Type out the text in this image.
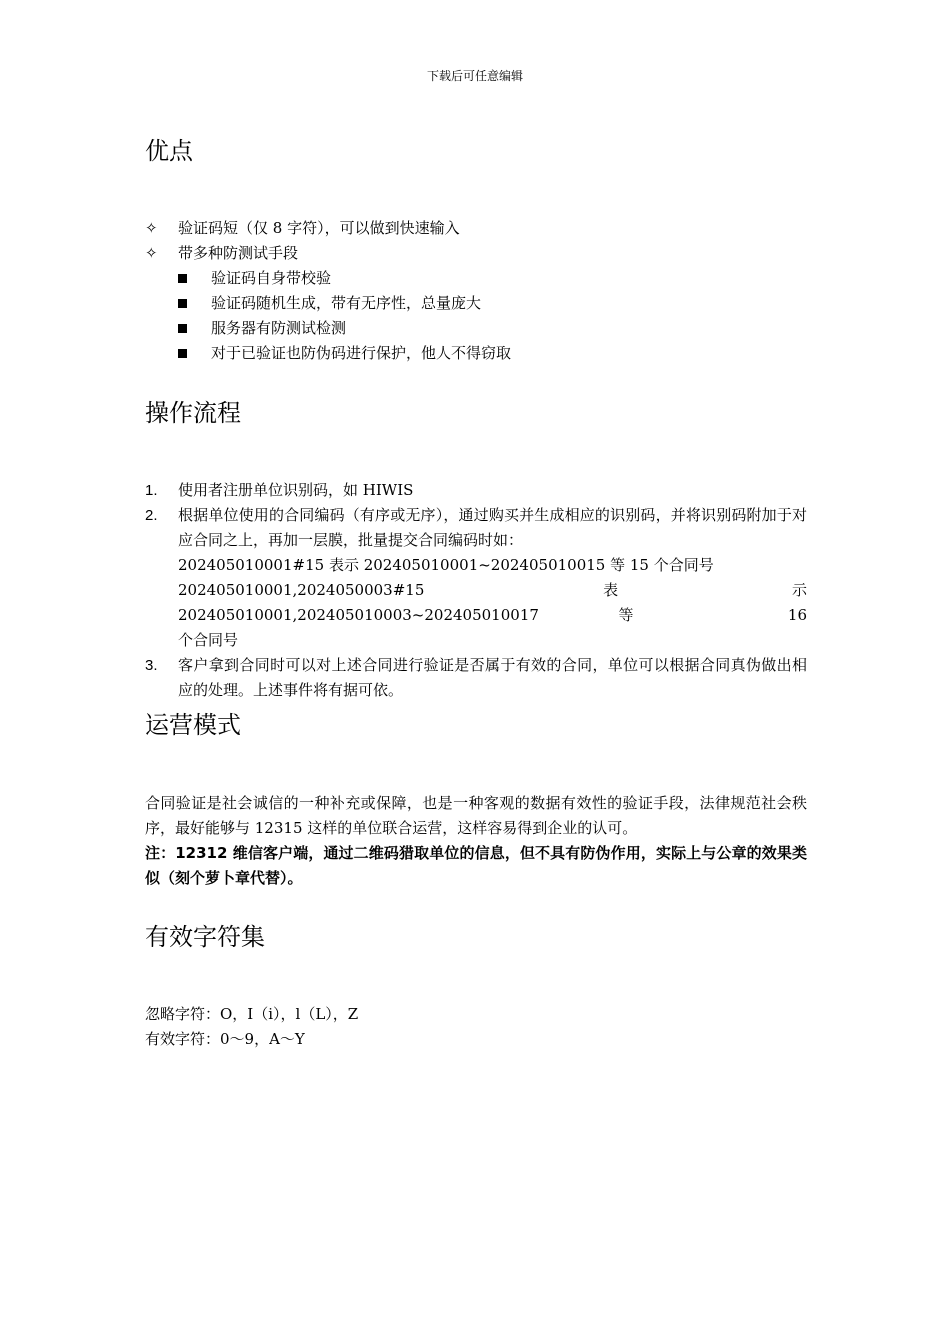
下载后可任意编辑
优点
✧	验证码短（仅 8 字符），可以做到快速输入
✧	带多种防测试手段
验证码自身带校验
验证码随机生成，带有无序性，总量庞大
服务器有防测试检测
对于已验证也防伪码进行保护，他人不得窃取
操作流程
1. 使用者注册单位识别码，如 HIWIS
2. 根据单位使用的合同编码（有序或无序），通过购买并生成相应的识别码，并将识别码附加于对应合同之上，再加一层膜，批量提交合同编码时如：
202405010001#15 表示 202405010001~202405010015 等 15 个合同号
202405010001,2024050003#15 表示 202405010001,202405010003~202405010017 等 16
个合同号
3. 客户拿到合同时可以对上述合同进行验证是否属于有效的合同，单位可以根据合同真伪做出相应的处理。上述事件将有据可依。
运营模式

合同验证是社会诚信的一种补充或保障，也是一种客观的数据有效性的验证手段，法律规范社会秩序，最好能够与 12315 这样的单位联合运营，这样容易得到企业的认可。

注：12312 维信客户端，通过二维码猎取单位的信息，但不具有防伪作用，实际上与公章的效果类似（刻个萝卜章代替）。

有效字符集
忽略字符：O，I（i），l（L），Z
有效字符：0～9，A～Y
